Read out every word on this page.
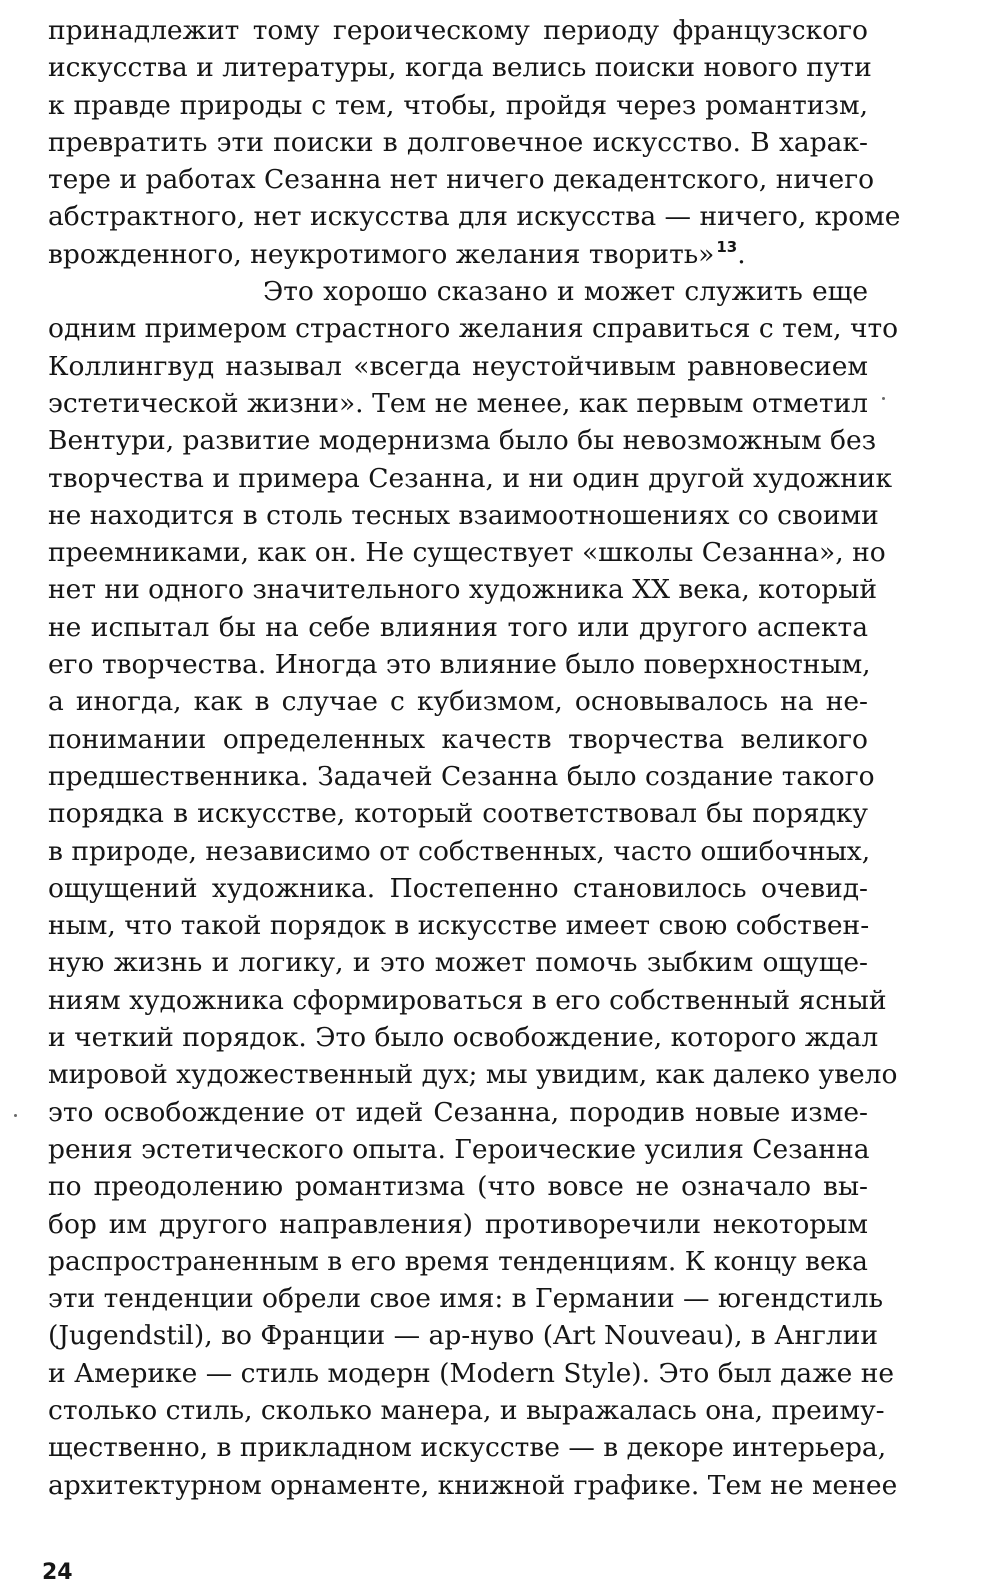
принадлежит тому героическому периоду французского
искусства и литературы, когда велись поиски нового пути
к правде природы с тем, чтобы, пройдя через романтизм,
превратить эти поиски в долговечное искусство. В харак-
тере и работах Сезанна нет ничего декадентского, ничего
абстрактного, нет искусства для искусства — ничего, кроме
врожденного, неукротимого желания творить» $^{13}$.
Это хорошо сказано и может служить еще
одним примером страстного желания справиться с тем, что
Коллингвуд называл «всегда неустойчивым равновесием
эстетической жизни». Тем не менее, как первым отметил
Вентури, развитие модернизма было бы невозможным без
творчества и примера Сезанна, и ни один другой художник
не находится в столь тесных взаимоотношениях со своими
преемниками, как он. Не существует «школы Сезанна», но
нет ни одного значительного художника XX века, который
не испытал бы на себе влияния того или другого аспекта
его творчества. Иногда это влияние было поверхностным,
а иногда, как в случае с кубизмом, основывалось на не-
понимании определенных качеств творчества великого
предшественника. Задачей Сезанна было создание такого
порядка в искусстве, который соответствовал бы порядку
в природе, независимо от собственных, часто ошибочных,
ощущений художника. Постепенно становилось очевид-
ным, что такой порядок в искусстве имеет свою собствен-
ную жизнь и логику, и это может помочь зыбким ощуще-
ниям художника сформироваться в его собственный ясный
и четкий порядок. Это было освобождение, которого ждал
мировой художественный дух; мы увидим, как далеко увело
это освобождение от идей Сезанна, породив новые изме-
рения эстетического опыта. Героические усилия Сезанна
по преодолению романтизма (что вовсе не означало вы-
бор им другого направления) противоречили некоторым
распространенным в его время тенденциям. К концу века
эти тенденции обрели свое имя: в Германии — югендстиль
(Jugendstil), во Франции — ар-нуво (Art Nouveau), в Англии
и Америке — стиль модерн (Modern Style). Это был даже не
столько стиль, сколько манера, и выражалась она, преиму-
щественно, в прикладном искусстве — в декоре интерьера,
архитектурном орнаменте, книжной графике. Тем не менее
24
